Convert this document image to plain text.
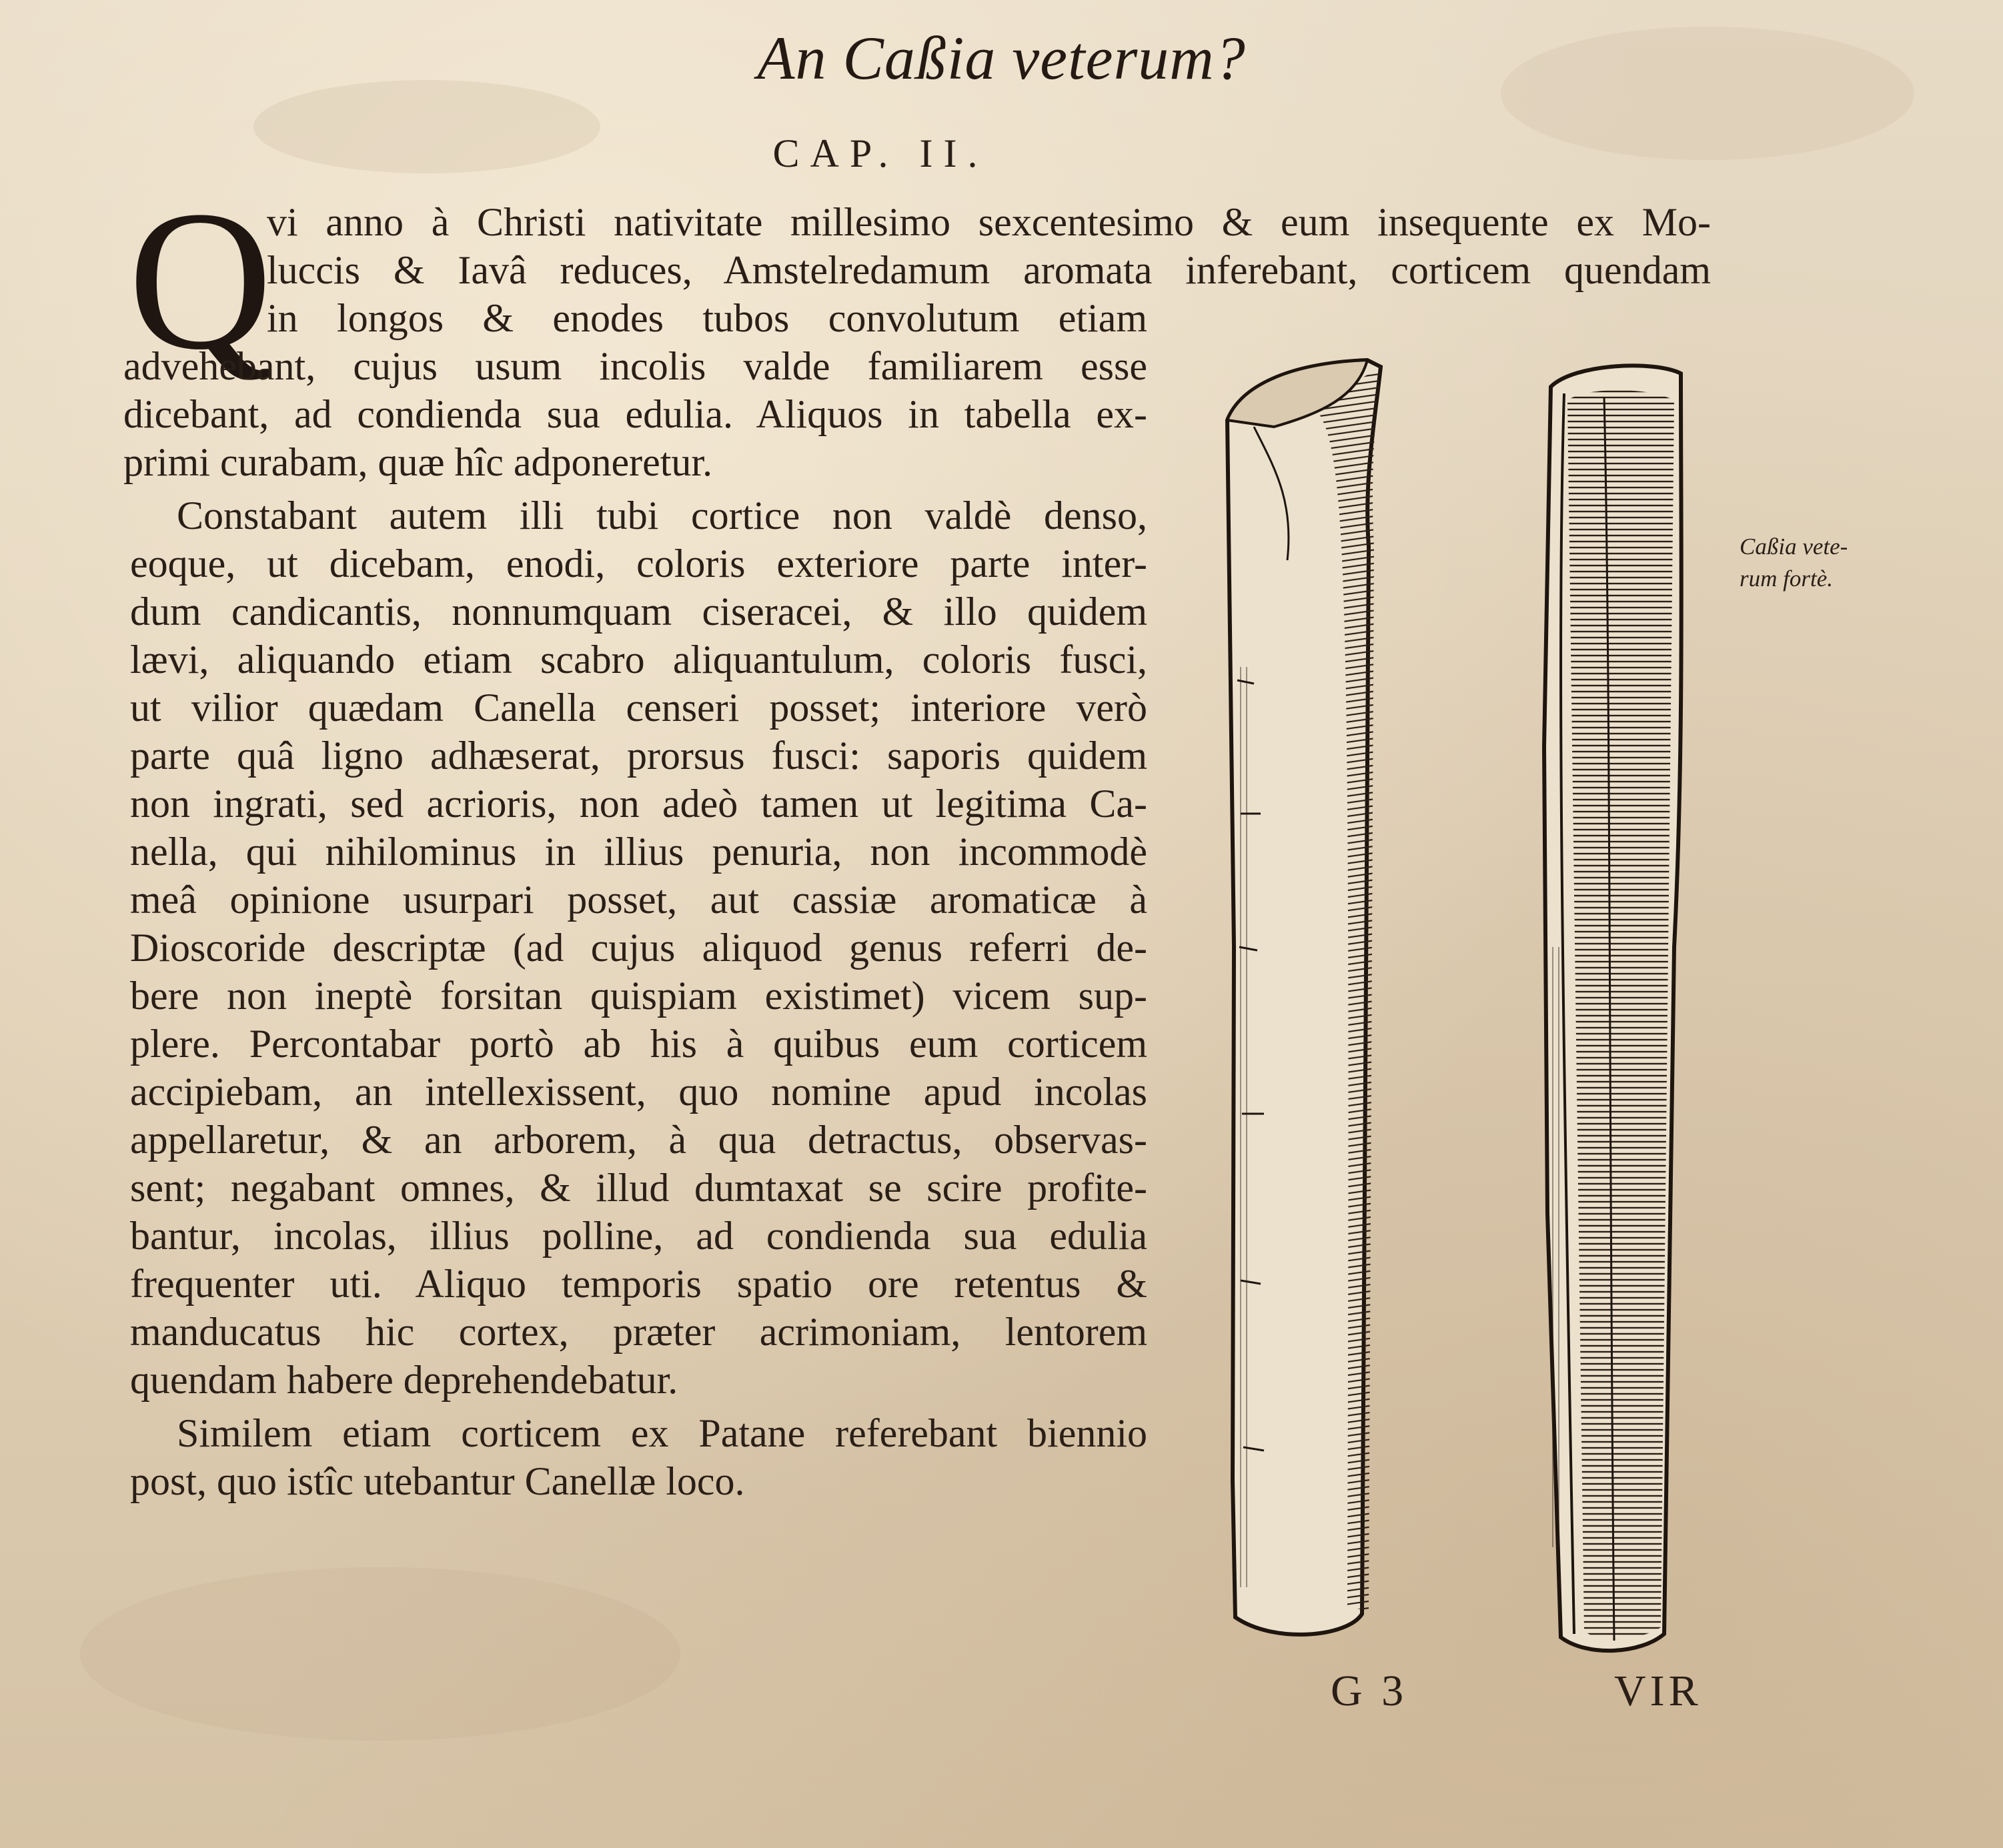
An Caßia veterum?
CAP. II.
Q
vi anno à Christi nativitate millesimo sexcentesimo & eum insequente ex Mo-
luccis & Iavâ reduces, Amstelredamum aromata inferebant, corticem quendam
in longos & enodes tubos convolutum etiam
advehebant, cujus usum incolis valde familiarem esse
dicebant, ad condienda sua edulia. Aliquos in tabella ex-
primi curabam, quæ hîc adponeretur.
Constabant autem illi tubi cortice non valdè denso,
eoque, ut dicebam, enodi, coloris exteriore parte inter-
dum candicantis, nonnumquam ciseracei, & illo quidem
lævi, aliquando etiam scabro aliquantulum, coloris fusci,
ut vilior quædam Canella censeri posset; interiore verò
parte quâ ligno adhæserat, prorsus fusci: saporis quidem
non ingrati, sed acrioris, non adeò tamen ut legitima Ca-
nella, qui nihilominus in illius penuria, non incommodè
meâ opinione usurpari posset, aut cassiæ aromaticæ à
Dioscoride descriptæ (ad cujus aliquod genus referri de-
bere non ineptè forsitan quispiam existimet) vicem sup-
plere. Percontabar portò ab his à quibus eum corticem
accipiebam, an intellexissent, quo nomine apud incolas
appellaretur, & an arborem, à qua detractus, observas-
sent; negabant omnes, & illud dumtaxat se scire profite-
bantur, incolas, illius polline, ad condienda sua edulia
frequenter uti. Aliquo temporis spatio ore retentus &
manducatus hic cortex, præter acrimoniam, lentorem
quendam habere deprehendebatur.
Similem etiam corticem ex Patane referebant biennio
post, quo istîc utebantur Canellæ loco.
Caßia vete-
rum fortè.
G 3	VIR
